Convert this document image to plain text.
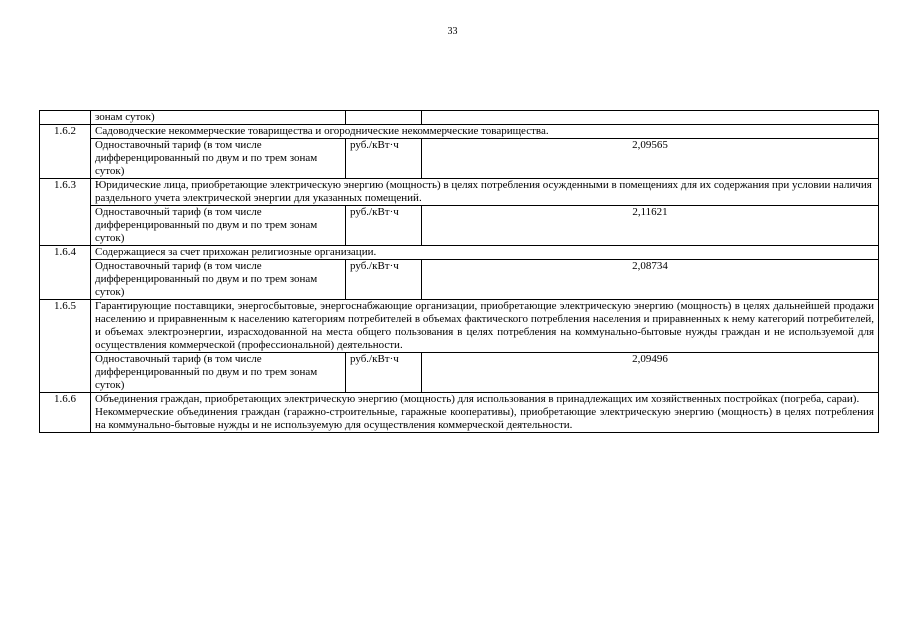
33
	зонам суток)		
1.6.2	Садоводческие некоммерческие товарищества и огороднические некоммерческие товарищества.		
	Одноставочный тариф (в том числе дифференцированный по двум и по трем зонам суток)	руб./кВт·ч	2,09565
1.6.3	Юридические лица, приобретающие электрическую энергию (мощность) в целях потребления осужденными в помещениях для их содержания при условии наличия раздельного учета электрической энергии для указанных помещений.		
	Одноставочный тариф (в том числе дифференцированный по двум и по трем зонам суток)	руб./кВт·ч	2,11621
1.6.4	Содержащиеся за счет прихожан религиозные организации.		
	Одноставочный тариф (в том числе дифференцированный по двум и по трем зонам суток)	руб./кВт·ч	2,08734
1.6.5	Гарантирующие поставщики, энергосбытовые, энергоснабжающие организации, приобретающие электрическую энергию (мощность) в целях дальнейшей продажи населению и приравненным к населению категориям потребителей в объемах фактического потребления населения и приравненных к нему категорий потребителей, и объемах электроэнергии, израсходованной на места общего пользования в целях потребления на коммунально-бытовые нужды граждан и не используемой для осуществления коммерческой (профессиональной) деятельности.		
	Одноставочный тариф (в том числе дифференцированный по двум и по трем зонам суток)	руб./кВт·ч	2,09496
1.6.6	Объединения граждан, приобретающих электрическую энергию (мощность) для использования в принадлежащих им хозяйственных постройках (погреба, сараи).

Некоммерческие объединения граждан (гаражно-строительные, гаражные кооперативы), приобретающие электрическую энергию (мощность) в целях потребления на коммунально-бытовые нужды и не используемую для осуществления коммерческой деятельности.		
